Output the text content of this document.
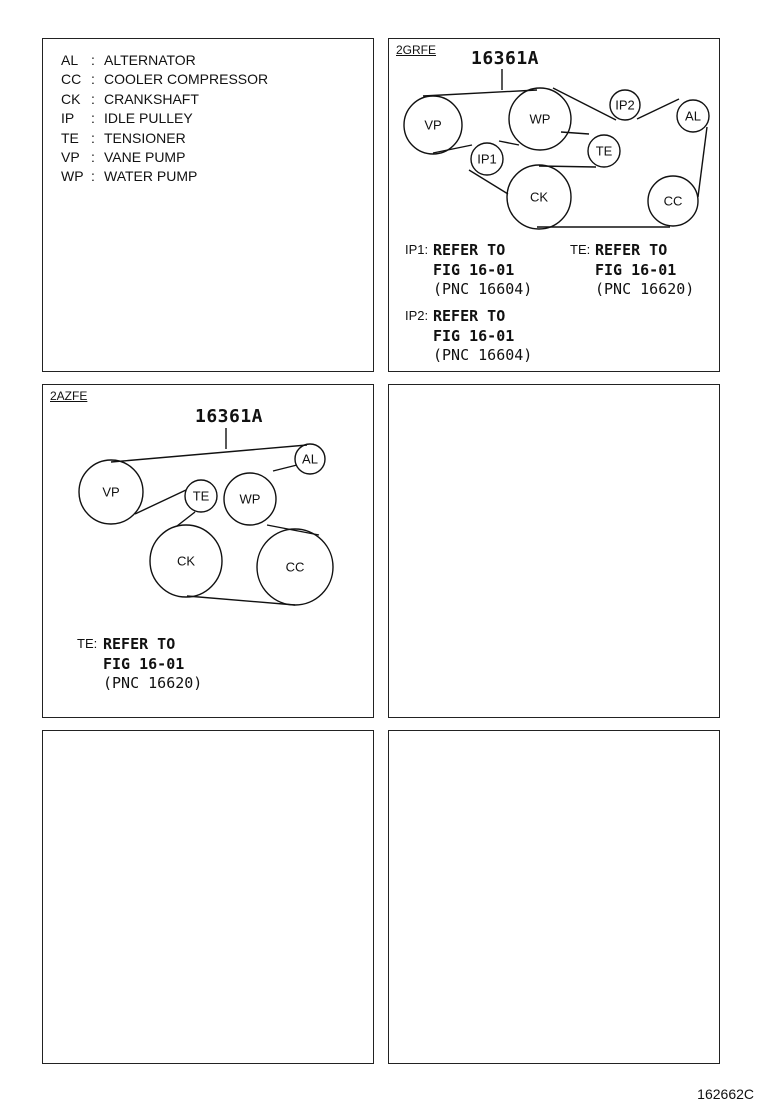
AL : ALTERNATOR
CC : COOLER COMPRESSOR
CK : CRANKSHAFT
IP	: IDLE PULLEY
TE : TENSIONER
VP : VANE PUMP
WP : WATER PUMP
2GRFE 16361A
VP	WP
IP2
AL
IP1
TE
CK	CC
IP1: REFER TO
FIG 16-01
(PNC 16604)
TE: REFER TO
FIG 16-01
(PNC 16620)
IP2: REFER TO
FIG 16-01
(PNC 16604)
2AZFE
16361A
VP	TE WP
AL
CK	CC
TE: REFER TO
FIG 16-01
(PNC 16620)
162662C
